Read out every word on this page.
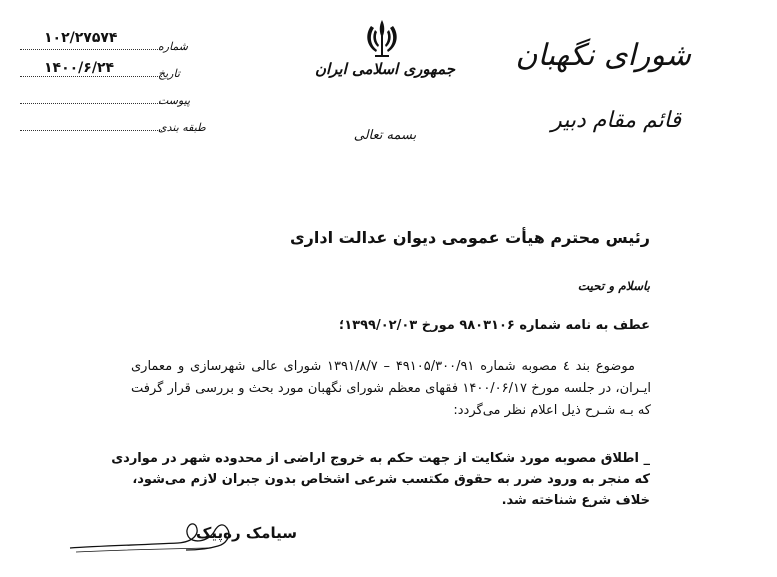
شورای نگهبان
قائم مقام دبیر
جمهوری اسلامی ایران
بسمه تعالی
۱۰۲/۲۷۵۷۴
شماره
۱۴۰۰/۶/۲۴	تاریخ
پیوست
طبقه بندی
رئیس محترم هیأت عمومی دیوان عدالت اداری
باسلام و تحیت
عطف به نامه شماره ۹۸۰۳۱۰۶ مورخ ۱۳۹۹/۰۲/۰۳؛
موضوع بند ٤ مصوبه شماره ۴۹۱۰۵/۳۰۰/۹۱ – ۱۳۹۱/۸/۷ شورای عالی شهرسازی و معماری ایـران، در جلسه مورخ ۱۴۰۰/۰۶/۱۷ فقهای معظم شورای نگهبان مورد بحث و بررسی قرار گرفت که بـه شـرح ذیل اعلام نظر می‌گردد:
_ اطلاق مصوبه مورد شکایت از جهت حکم به خروج اراضی از محدوده شهر در مواردی که منجر به ورود ضرر به حقوق مکتسب شرعی اشخاص بدون جبران لازم می‌شود، خلاف شرع شناخته شد.
سیامک ره‌پیک
